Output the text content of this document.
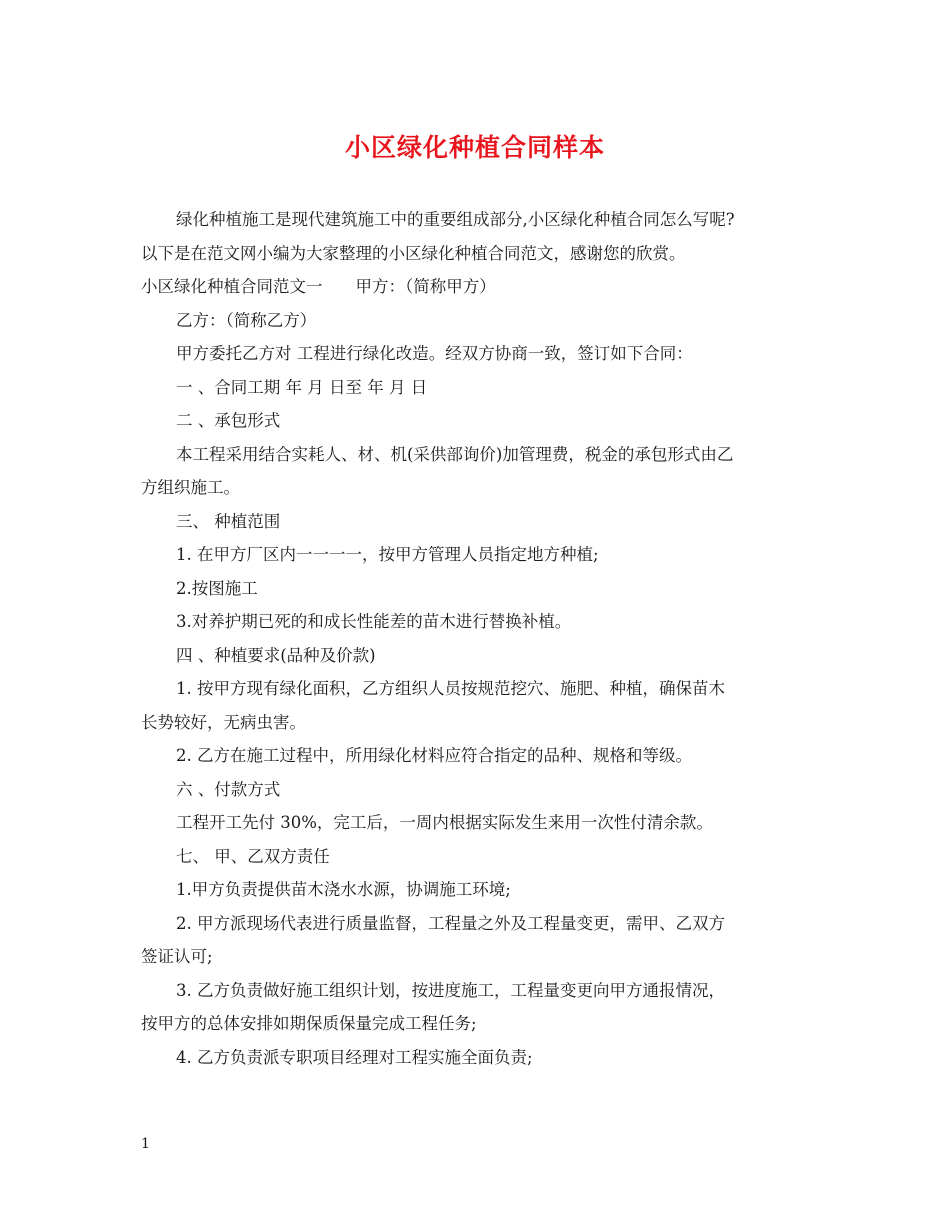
小区绿化种植合同样本

绿化种植施工是现代建筑施工中的重要组成部分,小区绿化种植合同怎么写呢?

以下是在范文网小编为大家整理的小区绿化种植合同范文，感谢您的欣赏。

小区绿化种植合同范文一　　甲方：（简称甲方）

乙方：（简称乙方）

甲方委托乙方对 工程进行绿化改造。经双方协商一致，签订如下合同：

一 、合同工期 年 月 日至 年 月 日

二 、承包形式

本工程采用结合实耗人、材、机(采供部询价)加管理费，税金的承包形式由乙

方组织施工。

三、 种植范围

1. 在甲方厂区内一一一一，按甲方管理人员指定地方种植;

2.按图施工

3.对养护期已死的和成长性能差的苗木进行替换补植。

四 、种植要求(品种及价款)

1. 按甲方现有绿化面积，乙方组织人员按规范挖穴、施肥、种植，确保苗木

长势较好，无病虫害。

2. 乙方在施工过程中，所用绿化材料应符合指定的品种、规格和等级。

六 、付款方式

工程开工先付 30%，完工后，一周内根据实际发生来用一次性付清余款。

七、 甲、乙双方责任

1.甲方负责提供苗木浇水水源，协调施工环境;

2. 甲方派现场代表进行质量监督，工程量之外及工程量变更，需甲、乙双方

签证认可;

3. 乙方负责做好施工组织计划，按进度施工，工程量变更向甲方通报情况，

按甲方的总体安排如期保质保量完成工程任务;

4. 乙方负责派专职项目经理对工程实施全面负责;

1
